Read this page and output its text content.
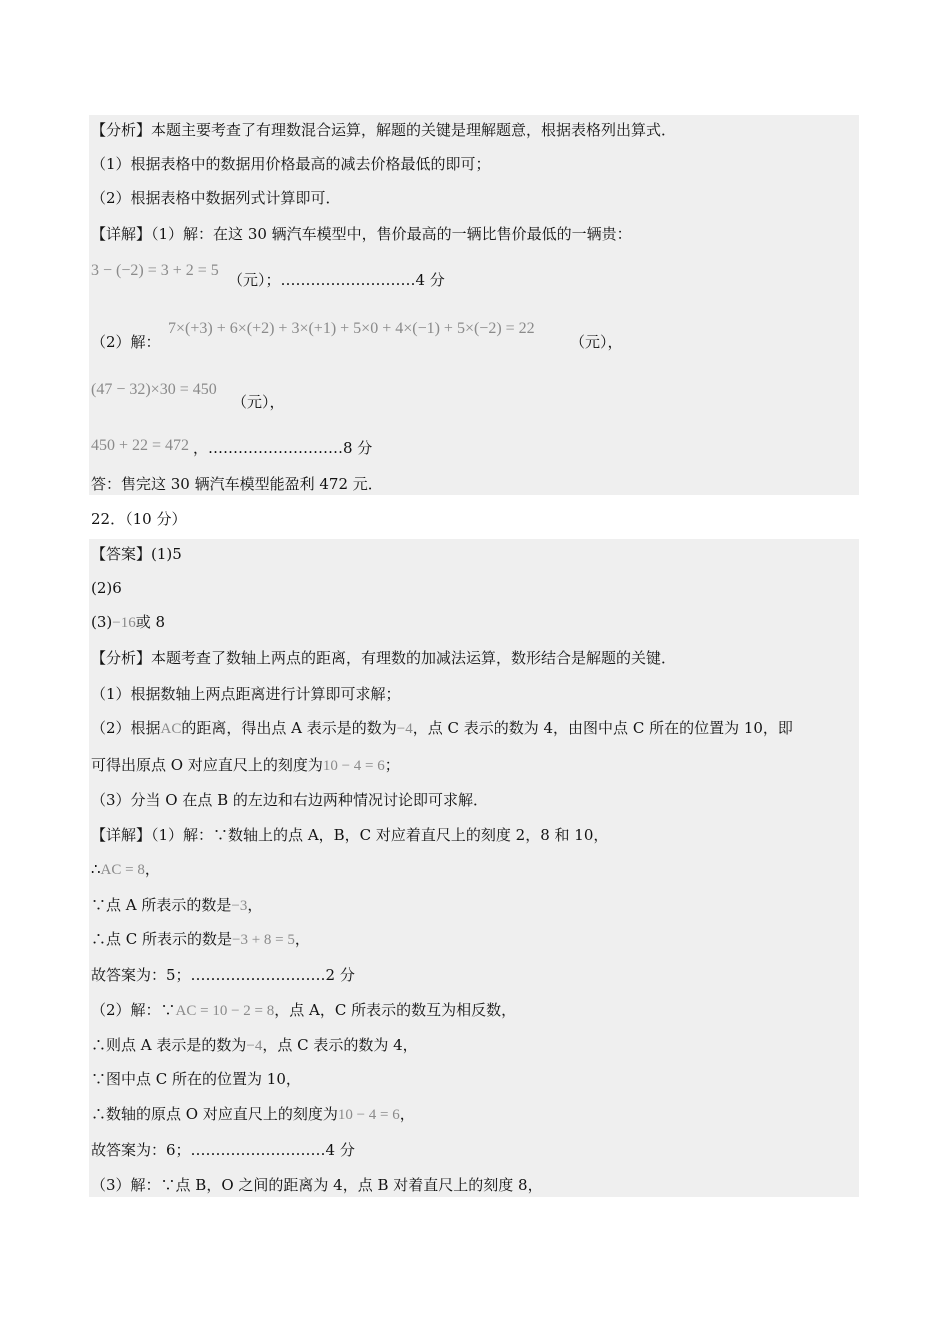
【分析】本题主要考查了有理数混合运算，解题的关键是理解题意，根据表格列出算式．
（1）根据表格中的数据用价格最高的减去价格最低的即可；
（2）根据表格中数据列式计算即可．
【详解】（1）解：在这 30 辆汽车模型中，售价最高的一辆比售价最低的一辆贵：
3 − (−2) = 3 + 2 = 5
（元）；………………………4 分
（2）解：
7×(+3) + 6×(+2) + 3×(+1) + 5×0 + 4×(−1) + 5×(−2) = 22
（元），
(47 − 32)×30 = 450
（元），
450 + 22 = 472 ，………………………8 分
答：售完这 30 辆汽车模型能盈利 472 元．
22．（10 分）
【答案】(1)5
(2)6
(3)−16或 8
【分析】本题考查了数轴上两点的距离，有理数的加减法运算，数形结合是解题的关键．
（1）根据数轴上两点距离进行计算即可求解；
（2）根据AC的距离，得出点 A 表示是的数为−4，点 C 表示的数为 4，由图中点 C 所在的位置为 10，即
可得出原点 O 对应直尺上的刻度为10 − 4 = 6；
（3）分当 O 在点 B 的左边和右边两种情况讨论即可求解．
【详解】（1）解：∵数轴上的点 A，B，C 对应着直尺上的刻度 2，8 和 10，
∴AC = 8，
∵点 A 所表示的数是−3，
∴点 C 所表示的数是−3 + 8 = 5，
故答案为：5；………………………2 分
（2）解：∵AC = 10 − 2 = 8，点 A，C 所表示的数互为相反数，
∴则点 A 表示是的数为−4，点 C 表示的数为 4，
∵图中点 C 所在的位置为 10，
∴数轴的原点 O 对应直尺上的刻度为10 − 4 = 6，
故答案为：6；………………………4 分
（3）解：∵点 B，O 之间的距离为 4，点 B 对着直尺上的刻度 8，
